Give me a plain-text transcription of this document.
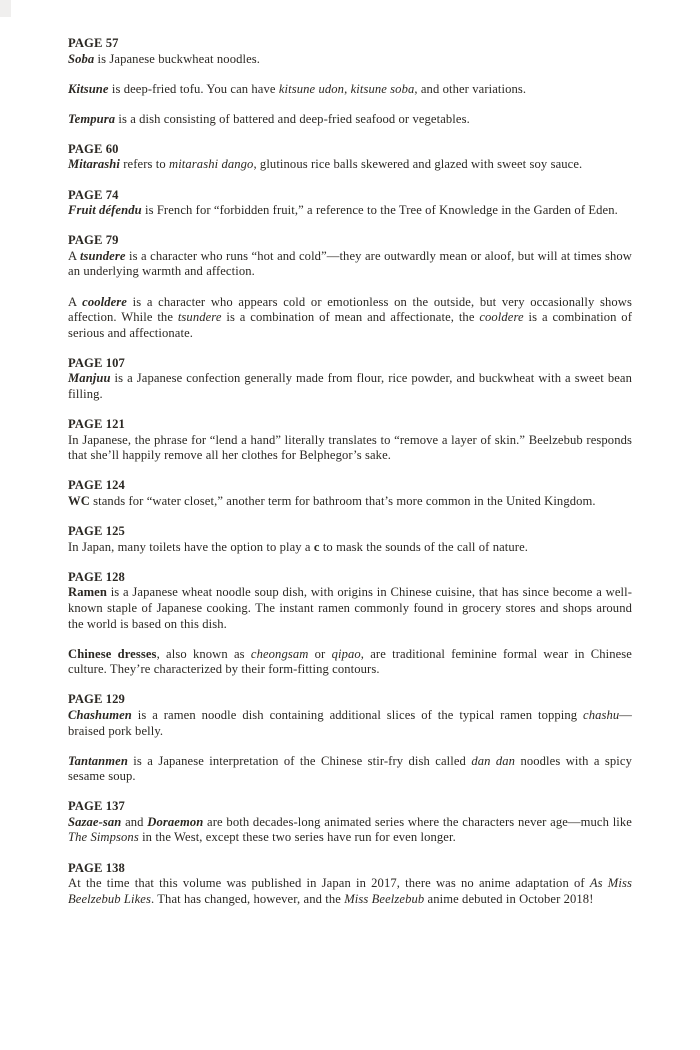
PAGE 57

Soba is Japanese buckwheat noodles.

Kitsune is deep-fried tofu. You can have kitsune udon, kitsune soba, and other variations.

Tempura is a dish consisting of battered and deep-fried seafood or vegetables.

PAGE 60

Mitarashi refers to mitarashi dango, glutinous rice balls skewered and glazed with sweet soy sauce.

PAGE 74

Fruit défendu is French for “forbidden fruit,” a reference to the Tree of Knowledge in the Garden of Eden.

PAGE 79

A tsundere is a character who runs “hot and cold”—they are outwardly mean or aloof, but will at times show an underlying warmth and affection.

A cooldere is a character who appears cold or emotionless on the outside, but very occasionally shows affection. While the tsundere is a combination of mean and affectionate, the cooldere is a combination of serious and affectionate.

PAGE 107

Manjuu is a Japanese confection generally made from flour, rice powder, and buckwheat with a sweet bean filling.

PAGE 121

In Japanese, the phrase for “lend a hand” literally translates to “remove a layer of skin.” Beelzebub responds that she’ll happily remove all her clothes for Belphegor’s sake.

PAGE 124

WC stands for “water closet,” another term for bathroom that’s more common in the United Kingdom.

PAGE 125

In Japan, many toilets have the option to play a c to mask the sounds of the call of nature.

PAGE 128

Ramen is a Japanese wheat noodle soup dish, with origins in Chinese cuisine, that has since become a well-known staple of Japanese cooking. The instant ramen commonly found in grocery stores and shops around the world is based on this dish.

Chinese dresses, also known as cheongsam or qipao, are traditional feminine formal wear in Chinese culture. They’re characterized by their form-fitting contours.

PAGE 129

Chashumen is a ramen noodle dish containing additional slices of the typical ramen topping chashu—braised pork belly.

Tantanmen is a Japanese interpretation of the Chinese stir-fry dish called dan dan noodles with a spicy sesame soup.

PAGE 137

Sazae-san and Doraemon are both decades-long animated series where the characters never age—much like The Simpsons in the West, except these two series have run for even longer.

PAGE 138

At the time that this volume was published in Japan in 2017, there was no anime adaptation of As Miss Beelzebub Likes. That has changed, however, and the Miss Beelzebub anime debuted in October 2018!
